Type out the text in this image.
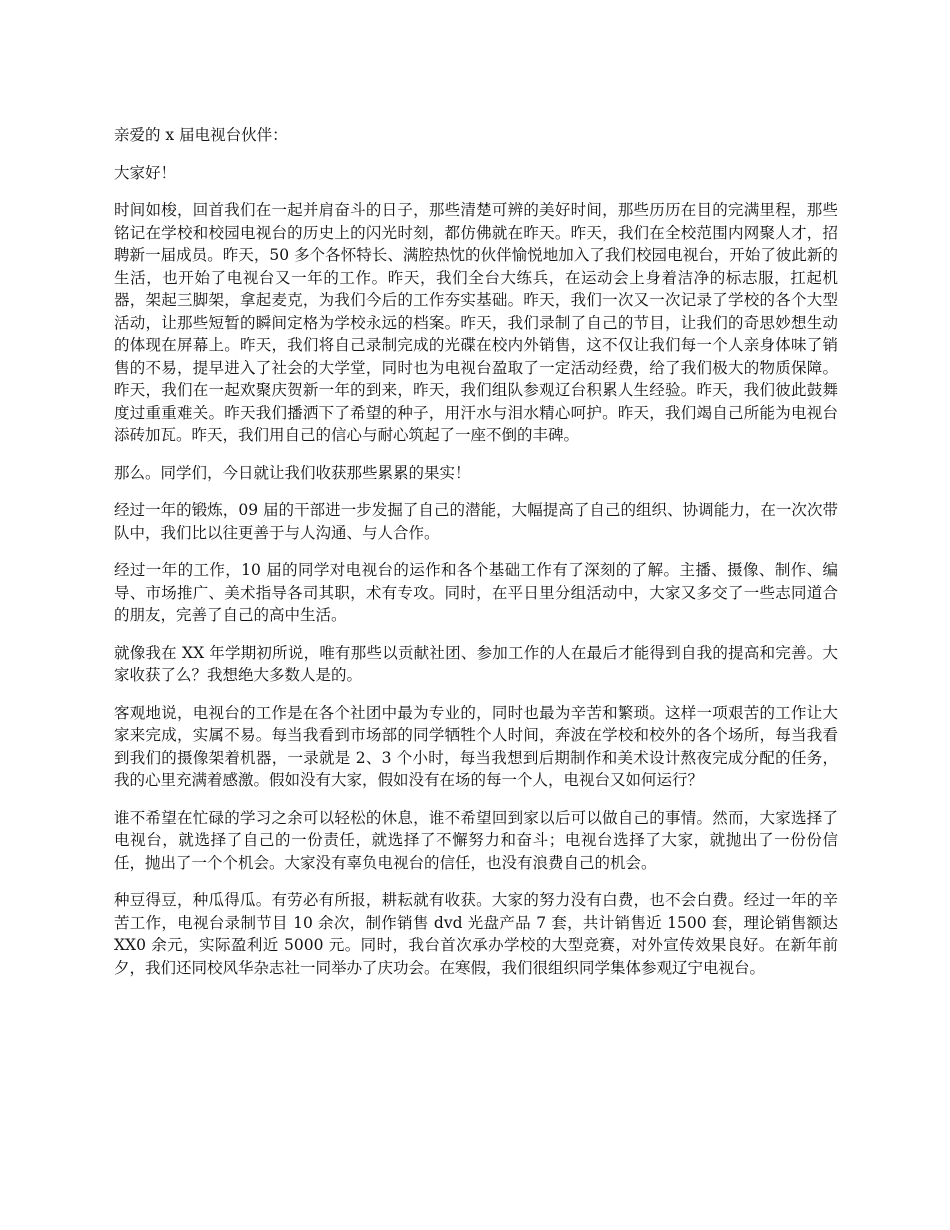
亲爱的 x 届电视台伙伴：

大家好！

时间如梭，回首我们在一起并肩奋斗的日子，那些清楚可辨的美好时间，那些历历在目的完满里程，那些铭记在学校和校园电视台的历史上的闪光时刻，都仿佛就在昨天。昨天，我们在全校范围内网聚人才，招聘新一届成员。昨天，50 多个各怀特长、满腔热忱的伙伴愉悦地加入了我们校园电视台，开始了彼此新的生活，也开始了电视台又一年的工作。昨天，我们全台大练兵，在运动会上身着洁净的标志服，扛起机器，架起三脚架，拿起麦克，为我们今后的工作夯实基础。昨天，我们一次又一次记录了学校的各个大型活动，让那些短暂的瞬间定格为学校永远的档案。昨天，我们录制了自己的节目，让我们的奇思妙想生动的体现在屏幕上。昨天，我们将自己录制完成的光碟在校内外销售，这不仅让我们每一个人亲身体味了销售的不易，提早进入了社会的大学堂，同时也为电视台盈取了一定活动经费，给了我们极大的物质保障。昨天，我们在一起欢聚庆贺新一年的到来，昨天，我们组队参观辽台积累人生经验。昨天，我们彼此鼓舞度过重重难关。昨天我们播洒下了希望的种子，用汗水与泪水精心呵护。昨天，我们竭自己所能为电视台添砖加瓦。昨天，我们用自己的信心与耐心筑起了一座不倒的丰碑。

那么。同学们，今日就让我们收获那些累累的果实！

经过一年的锻炼，09 届的干部进一步发掘了自己的潜能，大幅提高了自己的组织、协调能力，在一次次带队中，我们比以往更善于与人沟通、与人合作。

经过一年的工作，10 届的同学对电视台的运作和各个基础工作有了深刻的了解。主播、摄像、制作、编导、市场推广、美术指导各司其职，术有专攻。同时，在平日里分组活动中，大家又多交了一些志同道合的朋友，完善了自己的高中生活。

就像我在 XX 年学期初所说，唯有那些以贡献社团、参加工作的人在最后才能得到自我的提高和完善。大家收获了么？我想绝大多数人是的。

客观地说，电视台的工作是在各个社团中最为专业的，同时也最为辛苦和繁琐。这样一项艰苦的工作让大家来完成，实属不易。每当我看到市场部的同学牺牲个人时间，奔波在学校和校外的各个场所，每当我看到我们的摄像架着机器，一录就是 2、3 个小时，每当我想到后期制作和美术设计熬夜完成分配的任务，我的心里充满着感激。假如没有大家，假如没有在场的每一个人，电视台又如何运行？

谁不希望在忙碌的学习之余可以轻松的休息，谁不希望回到家以后可以做自己的事情。然而，大家选择了电视台，就选择了自己的一份责任，就选择了不懈努力和奋斗；电视台选择了大家，就抛出了一份份信任，抛出了一个个机会。大家没有辜负电视台的信任，也没有浪费自己的机会。

种豆得豆，种瓜得瓜。有劳必有所报，耕耘就有收获。大家的努力没有白费，也不会白费。经过一年的辛苦工作，电视台录制节目 10 余次，制作销售 dvd 光盘产品 7 套，共计销售近 1500 套，理论销售额达 XX0 余元，实际盈利近 5000 元。同时，我台首次承办学校的大型竞赛，对外宣传效果良好。在新年前夕，我们还同校风华杂志社一同举办了庆功会。在寒假，我们很组织同学集体参观辽宁电视台。
